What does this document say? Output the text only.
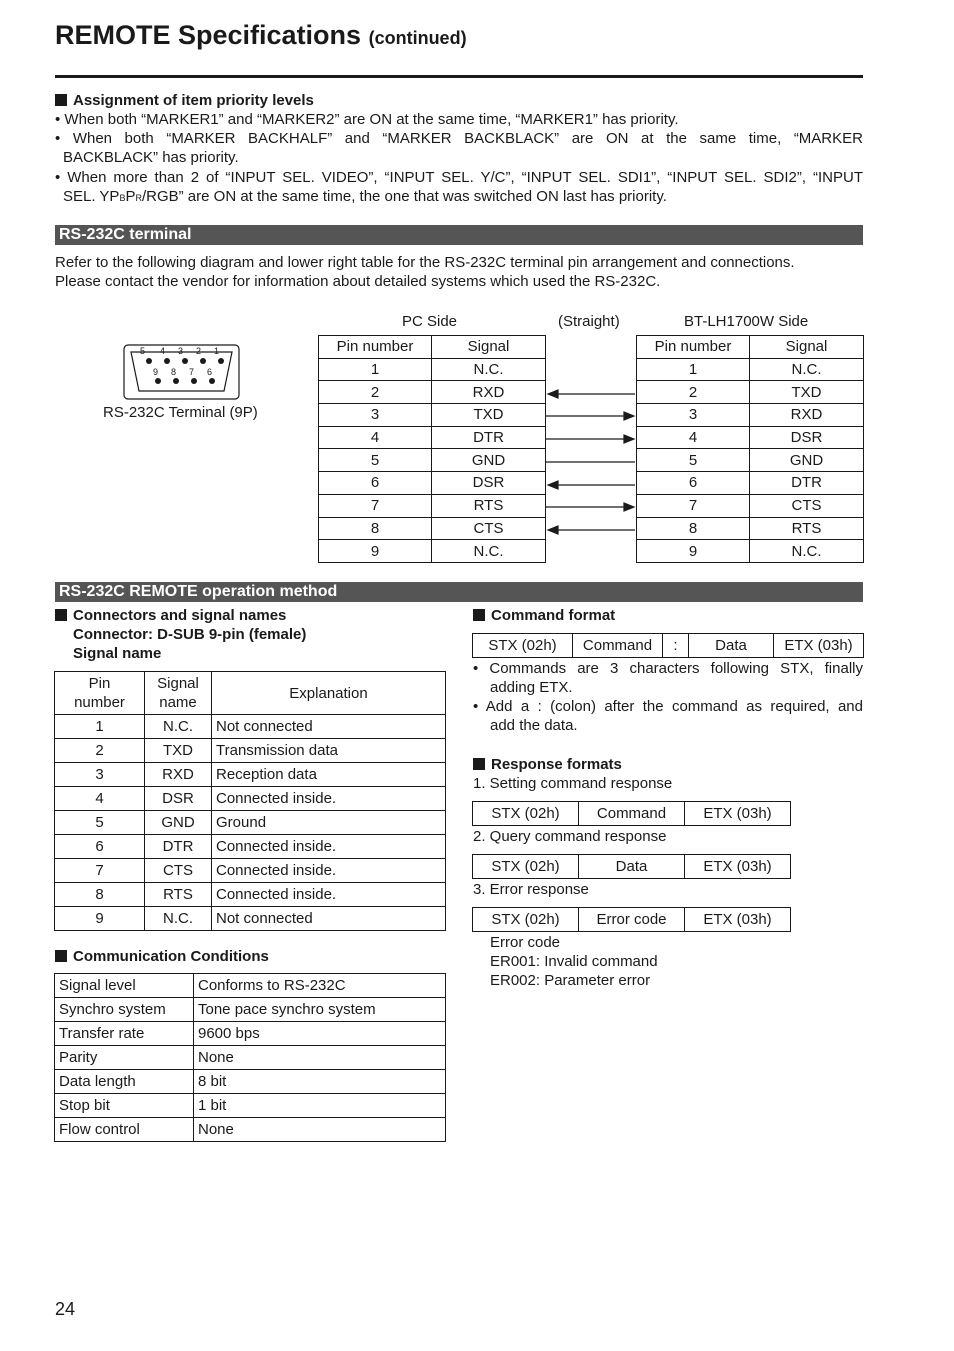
REMOTE Specifications (continued)
Assignment of item priority levels
• When both “MARKER1” and “MARKER2” are ON at the same time, “MARKER1” has priority.
• When both “MARKER BACKHALF” and “MARKER BACKBLACK” are ON at the same time, “MARKER
BACKBLACK” has priority.
• When more than 2 of “INPUT SEL. VIDEO”, “INPUT SEL. Y/C”, “INPUT SEL. SDI1”, “INPUT SEL. SDI2”, “INPUT
SEL. YPBPR/RGB” are ON at the same time, the one that was switched ON last has priority.
RS-232C terminal
Refer to the following diagram and lower right table for the RS-232C terminal pin arrangement and connections.
Please contact the vendor for information about detailed systems which used the RS-232C.
5 4 3 2 1
9 8 7 6
RS-232C Terminal (9P)
PC Side	(Straight)	BT-LH1700W Side
Pin number	Signal
1	N.C.
2	RXD
3	TXD
4	DTR
5	GND
6	DSR
7	RTS
8	CTS
9	N.C.
Pin number	Signal
1	N.C.
2	TXD
3	RXD
4	DSR
5	GND
6	DTR
7	CTS
8	RTS
9	N.C.
RS-232C REMOTE operation method
Connectors and signal names
Connector: D-SUB 9-pin (female)
Signal name
Pin
number	Signal
name	Explanation
1	N.C.	Not connected
2	TXD	Transmission data
3	RXD	Reception data
4	DSR	Connected inside.
5	GND	Ground
6	DTR	Connected inside.
7	CTS	Connected inside.
8	RTS	Connected inside.
9	N.C.	Not connected
Communication Conditions
Signal level	Conforms to RS-232C
Synchro system	Tone pace synchro system
Transfer rate	9600 bps
Parity	None
Data length	8 bit
Stop bit	1 bit
Flow control	None
Command format
STX (02h)	Command	:	Data	ETX (03h)
• Commands are 3 characters following STX, finally
adding ETX.
• Add a : (colon) after the command as required, and
add the data.
Response formats
1. Setting command response
STX (02h)	Command	ETX (03h)
2. Query command response
STX (02h)	Data	ETX (03h)
3. Error response
STX (02h)	Error code	ETX (03h)
Error code
ER001: Invalid command
ER002: Parameter error
24
